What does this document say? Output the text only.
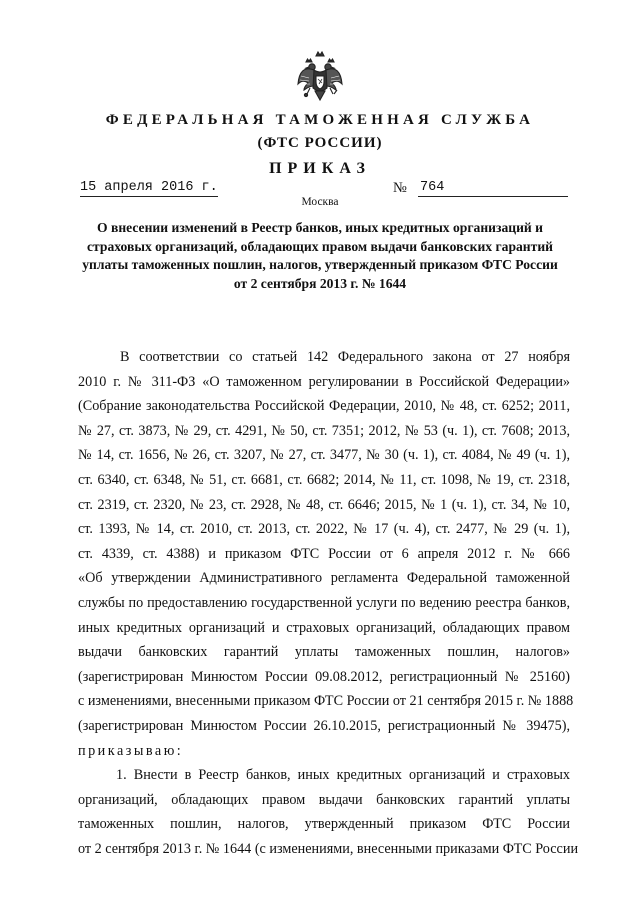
ФЕДЕРАЛЬНАЯ ТАМОЖЕННАЯ СЛУЖБА
(ФТС РОССИИ)
ПРИКАЗ
15 апреля 2016 г.	№ 764
Москва
О внесении изменений в Реестр банков, иных кредитных организаций и
страховых организаций, обладающих правом выдачи банковских гарантий
уплаты таможенных пошлин, налогов, утвержденный приказом ФТС России
от 2 сентября 2013 г. № 1644
В соответствии со статьей 142 Федерального закона от 27 ноября
2010 г. № 311-ФЗ «О таможенном регулировании в Российской Федерации»
(Собрание законодательства Российской Федерации, 2010, № 48, ст. 6252; 2011,
№ 27, ст. 3873, № 29, ст. 4291, № 50, ст. 7351; 2012, № 53 (ч. 1), ст. 7608; 2013,
№ 14, ст. 1656, № 26, ст. 3207, № 27, ст. 3477, № 30 (ч. 1), ст. 4084, № 49 (ч. 1),
ст. 6340, ст. 6348, № 51, ст. 6681, ст. 6682; 2014, № 11, ст. 1098, № 19, ст. 2318,
ст. 2319, ст. 2320, № 23, ст. 2928, № 48, ст. 6646; 2015, № 1 (ч. 1), ст. 34, № 10,
ст. 1393, № 14, ст. 2010, ст. 2013, ст. 2022, № 17 (ч. 4), ст. 2477, № 29 (ч. 1),
ст. 4339, ст. 4388) и приказом ФТС России от 6 апреля 2012 г. № 666
«Об утверждении Административного регламента Федеральной таможенной
службы по предоставлению государственной услуги по ведению реестра банков,
иных кредитных организаций и страховых организаций, обладающих правом
выдачи банковских гарантий уплаты таможенных пошлин, налогов»
(зарегистрирован Минюстом России 09.08.2012, регистрационный № 25160)
с изменениями, внесенными приказом ФТС России от 21 сентября 2015 г. № 1888
(зарегистрирован Минюстом России 26.10.2015, регистрационный № 39475),
приказываю:
1. Внести в Реестр банков, иных кредитных организаций и страховых
организаций, обладающих правом выдачи банковских гарантий уплаты
таможенных пошлин, налогов, утвержденный приказом ФТС России
от 2 сентября 2013 г. № 1644 (с изменениями, внесенными приказами ФТС России
